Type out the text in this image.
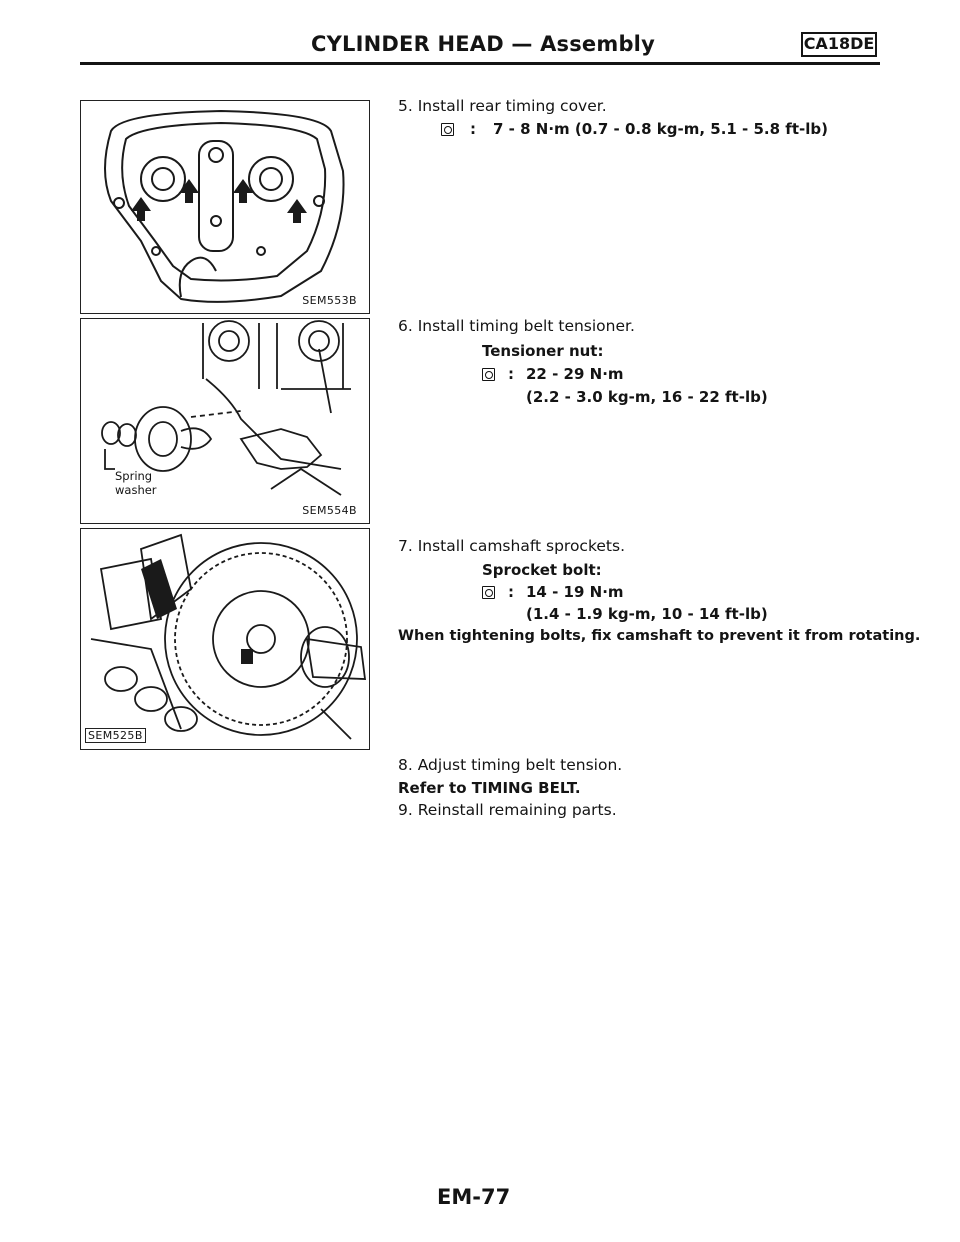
CYLINDER HEAD — Assembly	CA18DE
SEM553B
Spring
washer
SEM554B
SEM525B
5. Install rear timing cover.
: 7 - 8 N·m (0.7 - 0.8 kg-m, 5.1 - 5.8 ft-lb)
6. Install timing belt tensioner.
Tensioner nut:
: 22 - 29 N·m
(2.2 - 3.0 kg-m, 16 - 22 ft-lb)
7. Install camshaft sprockets.
Sprocket bolt:
: 14 - 19 N·m
(1.4 - 1.9 kg-m, 10 - 14 ft-lb)
When tightening bolts, fix camshaft to prevent it from rotating.
8. Adjust timing belt tension.
Refer to TIMING BELT.
9. Reinstall remaining parts.
EM-77
